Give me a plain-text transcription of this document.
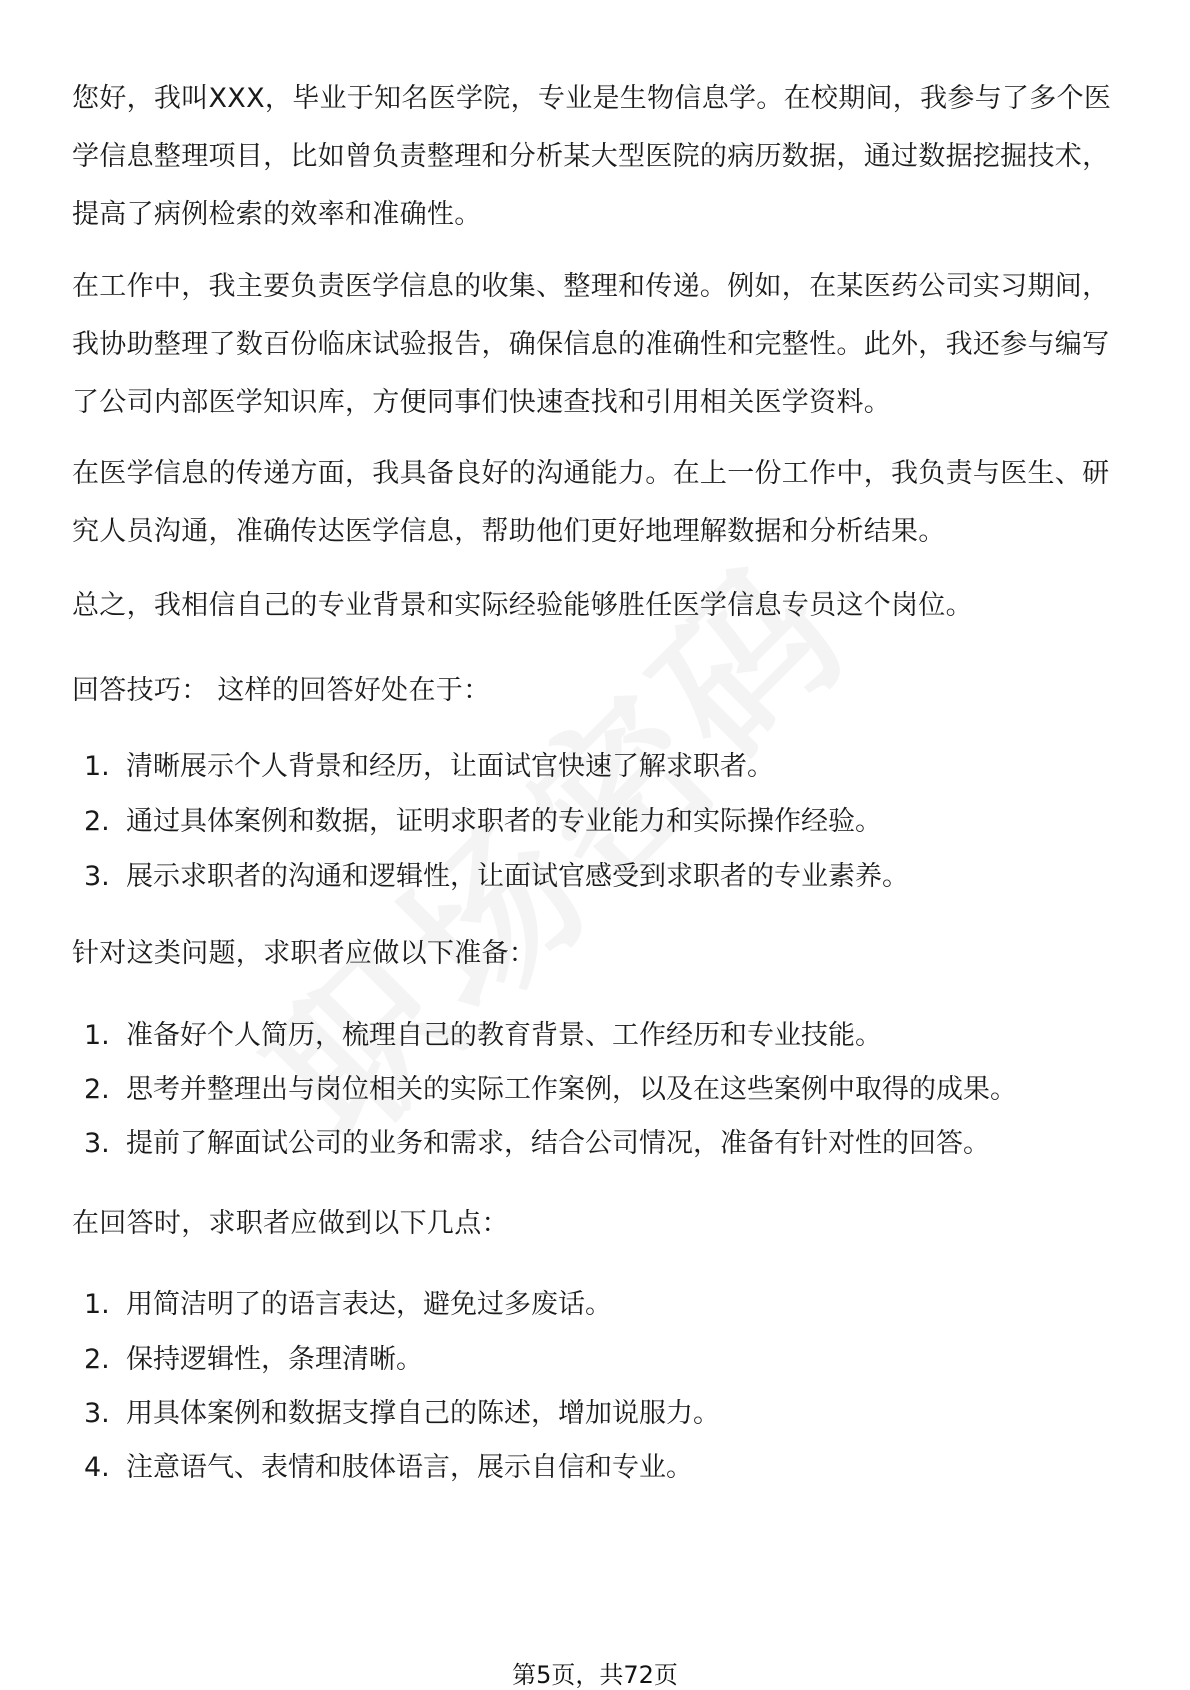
您好，我叫XXX，毕业于知名医学院，专业是生物信息学。在校期间，我参与了多个医学信息整理项目，比如曾负责整理和分析某大型医院的病历数据，通过数据挖掘技术，提高了病例检索的效率和准确性。

在工作中，我主要负责医学信息的收集、整理和传递。例如，在某医药公司实习期间，我协助整理了数百份临床试验报告，确保信息的准确性和完整性。此外，我还参与编写了公司内部医学知识库，方便同事们快速查找和引用相关医学资料。

在医学信息的传递方面，我具备良好的沟通能力。在上一份工作中，我负责与医生、研究人员沟通，准确传达医学信息，帮助他们更好地理解数据和分析结果。

总之，我相信自己的专业背景和实际经验能够胜任医学信息专员这个岗位。

回答技巧： 这样的回答好处在于：

1. 清晰展示个人背景和经历，让面试官快速了解求职者。

2. 通过具体案例和数据，证明求职者的专业能力和实际操作经验。

3. 展示求职者的沟通和逻辑性，让面试官感受到求职者的专业素养。

针对这类问题，求职者应做以下准备：

1. 准备好个人简历，梳理自己的教育背景、工作经历和专业技能。

2. 思考并整理出与岗位相关的实际工作案例，以及在这些案例中取得的成果。

3. 提前了解面试公司的业务和需求，结合公司情况，准备有针对性的回答。

在回答时，求职者应做到以下几点：

1. 用简洁明了的语言表达，避免过多废话。

2. 保持逻辑性，条理清晰。

3. 用具体案例和数据支撑自己的陈述，增加说服力。

4. 注意语气、表情和肢体语言，展示自信和专业。

第5页，共72页
